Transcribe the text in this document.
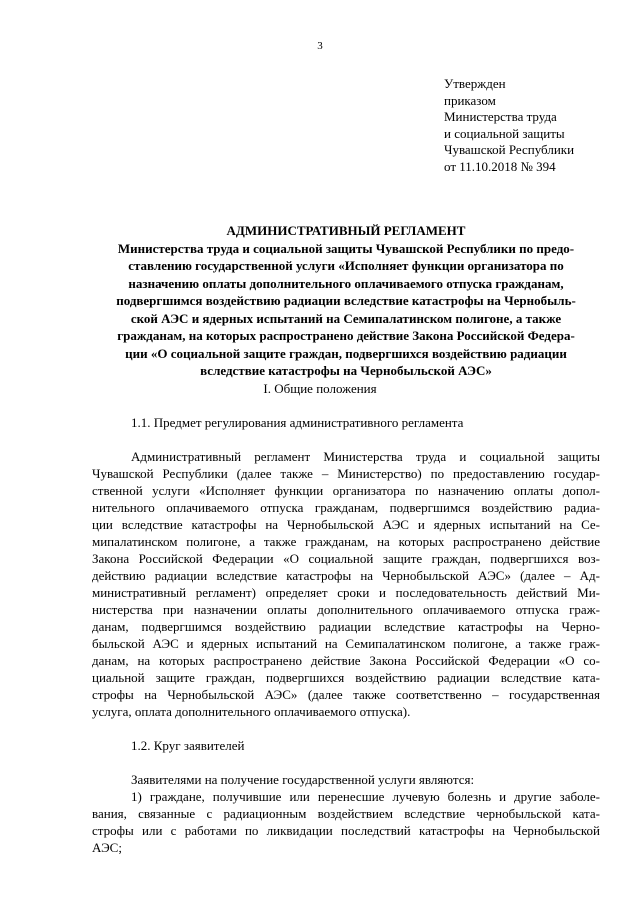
3
Утвержден
приказом
Министерства труда
и социальной защиты
Чувашской Республики
от 11.10.2018 № 394
АДМИНИСТРАТИВНЫЙ РЕГЛАМЕНТ
Министерства труда и социальной защиты Чувашской Республики по предо-
ставлению государственной услуги «Исполняет функции организатора по
назначению оплаты дополнительного оплачиваемого отпуска гражданам,
подвергшимся воздействию радиации вследствие катастрофы на Чернобыль-
ской АЭС и ядерных испытаний на Семипалатинском полигоне, а также
гражданам, на которых распространено действие Закона Российской Федера-
ции «О социальной защите граждан, подвергшихся воздействию радиации
вследствие катастрофы на Чернобыльской АЭС»
I. Общие положения
1.1. Предмет регулирования административного регламента
Административный регламент Министерства труда и социальной защиты
Чувашской Республики (далее также – Министерство) по предоставлению государ-
ственной услуги «Исполняет функции организатора по назначению оплаты допол-
нительного оплачиваемого отпуска гражданам, подвергшимся воздействию радиа-
ции вследствие катастрофы на Чернобыльской АЭС и ядерных испытаний на Се-
мипалатинском полигоне, а также гражданам, на которых распространено действие
Закона Российской Федерации «О социальной защите граждан, подвергшихся воз-
действию радиации вследствие катастрофы на Чернобыльской АЭС» (далее – Ад-
министративный регламент) определяет сроки и последовательность действий Ми-
нистерства при назначении оплаты дополнительного оплачиваемого отпуска граж-
данам, подвергшимся воздействию радиации вследствие катастрофы на Черно-
быльской АЭС и ядерных испытаний на Семипалатинском полигоне, а также граж-
данам, на которых распространено действие Закона Российской Федерации «О со-
циальной защите граждан, подвергшихся воздействию радиации вследствие ката-
строфы на Чернобыльской АЭС» (далее также соответственно – государственная
услуга, оплата дополнительного оплачиваемого отпуска).
1.2. Круг заявителей
Заявителями на получение государственной услуги являются:
1) граждане, получившие или перенесшие лучевую болезнь и другие заболе-
вания, связанные с радиационным воздействием вследствие чернобыльской ката-
строфы или с работами по ликвидации последствий катастрофы на Чернобыльской
АЭС;
